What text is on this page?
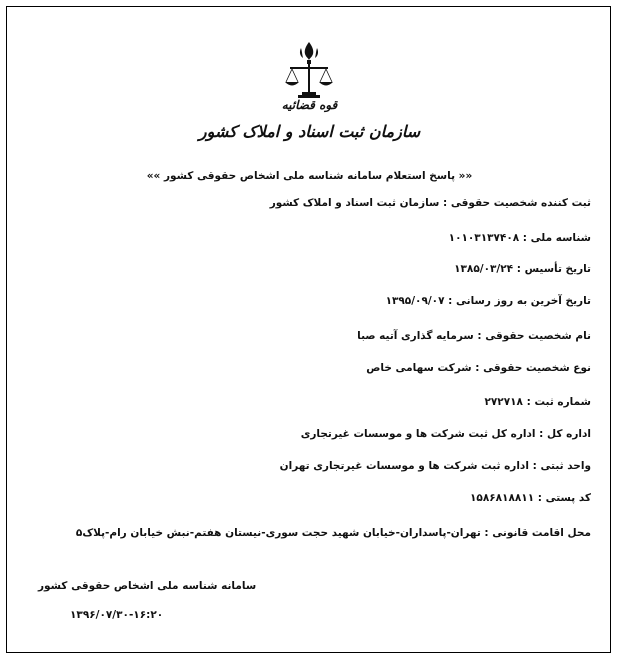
قوه قضائیه
سازمان ثبت اسناد و املاک کشور
«« پاسخ استعلام سامانه شناسه ملی اشخاص حقوقی کشور »»
ثبت کننده شخصیت حقوقی : سازمان ثبت اسناد و املاک کشور
شناسه ملی : ۱۰۱۰۳۱۳۷۴۰۸
تاریخ تأسیس : ۱۳۸۵/۰۳/۲۴
تاریخ آخرین به روز رسانی : ۱۳۹۵/۰۹/۰۷
نام شخصیت حقوقی : سرمایه گذاری آتیه صبا
نوع شخصیت حقوقی : شرکت سهامی خاص
شماره ثبت : ۲۷۲۷۱۸
اداره کل : اداره کل ثبت شرکت ها و موسسات غیرتجاری
واحد ثبتی : اداره ثبت شرکت ها و موسسات غیرتجاری تهران
کد پستی : ۱۵۸۶۸۱۸۸۱۱
محل اقامت قانونی : تهران-پاسداران-خیابان شهید حجت سوری-نیستان هفتم-نبش خیابان رام-پلاک۵
سامانه شناسه ملی اشخاص حقوقی کشور
۱۳۹۶/۰۷/۳۰-۱۶:۲۰
